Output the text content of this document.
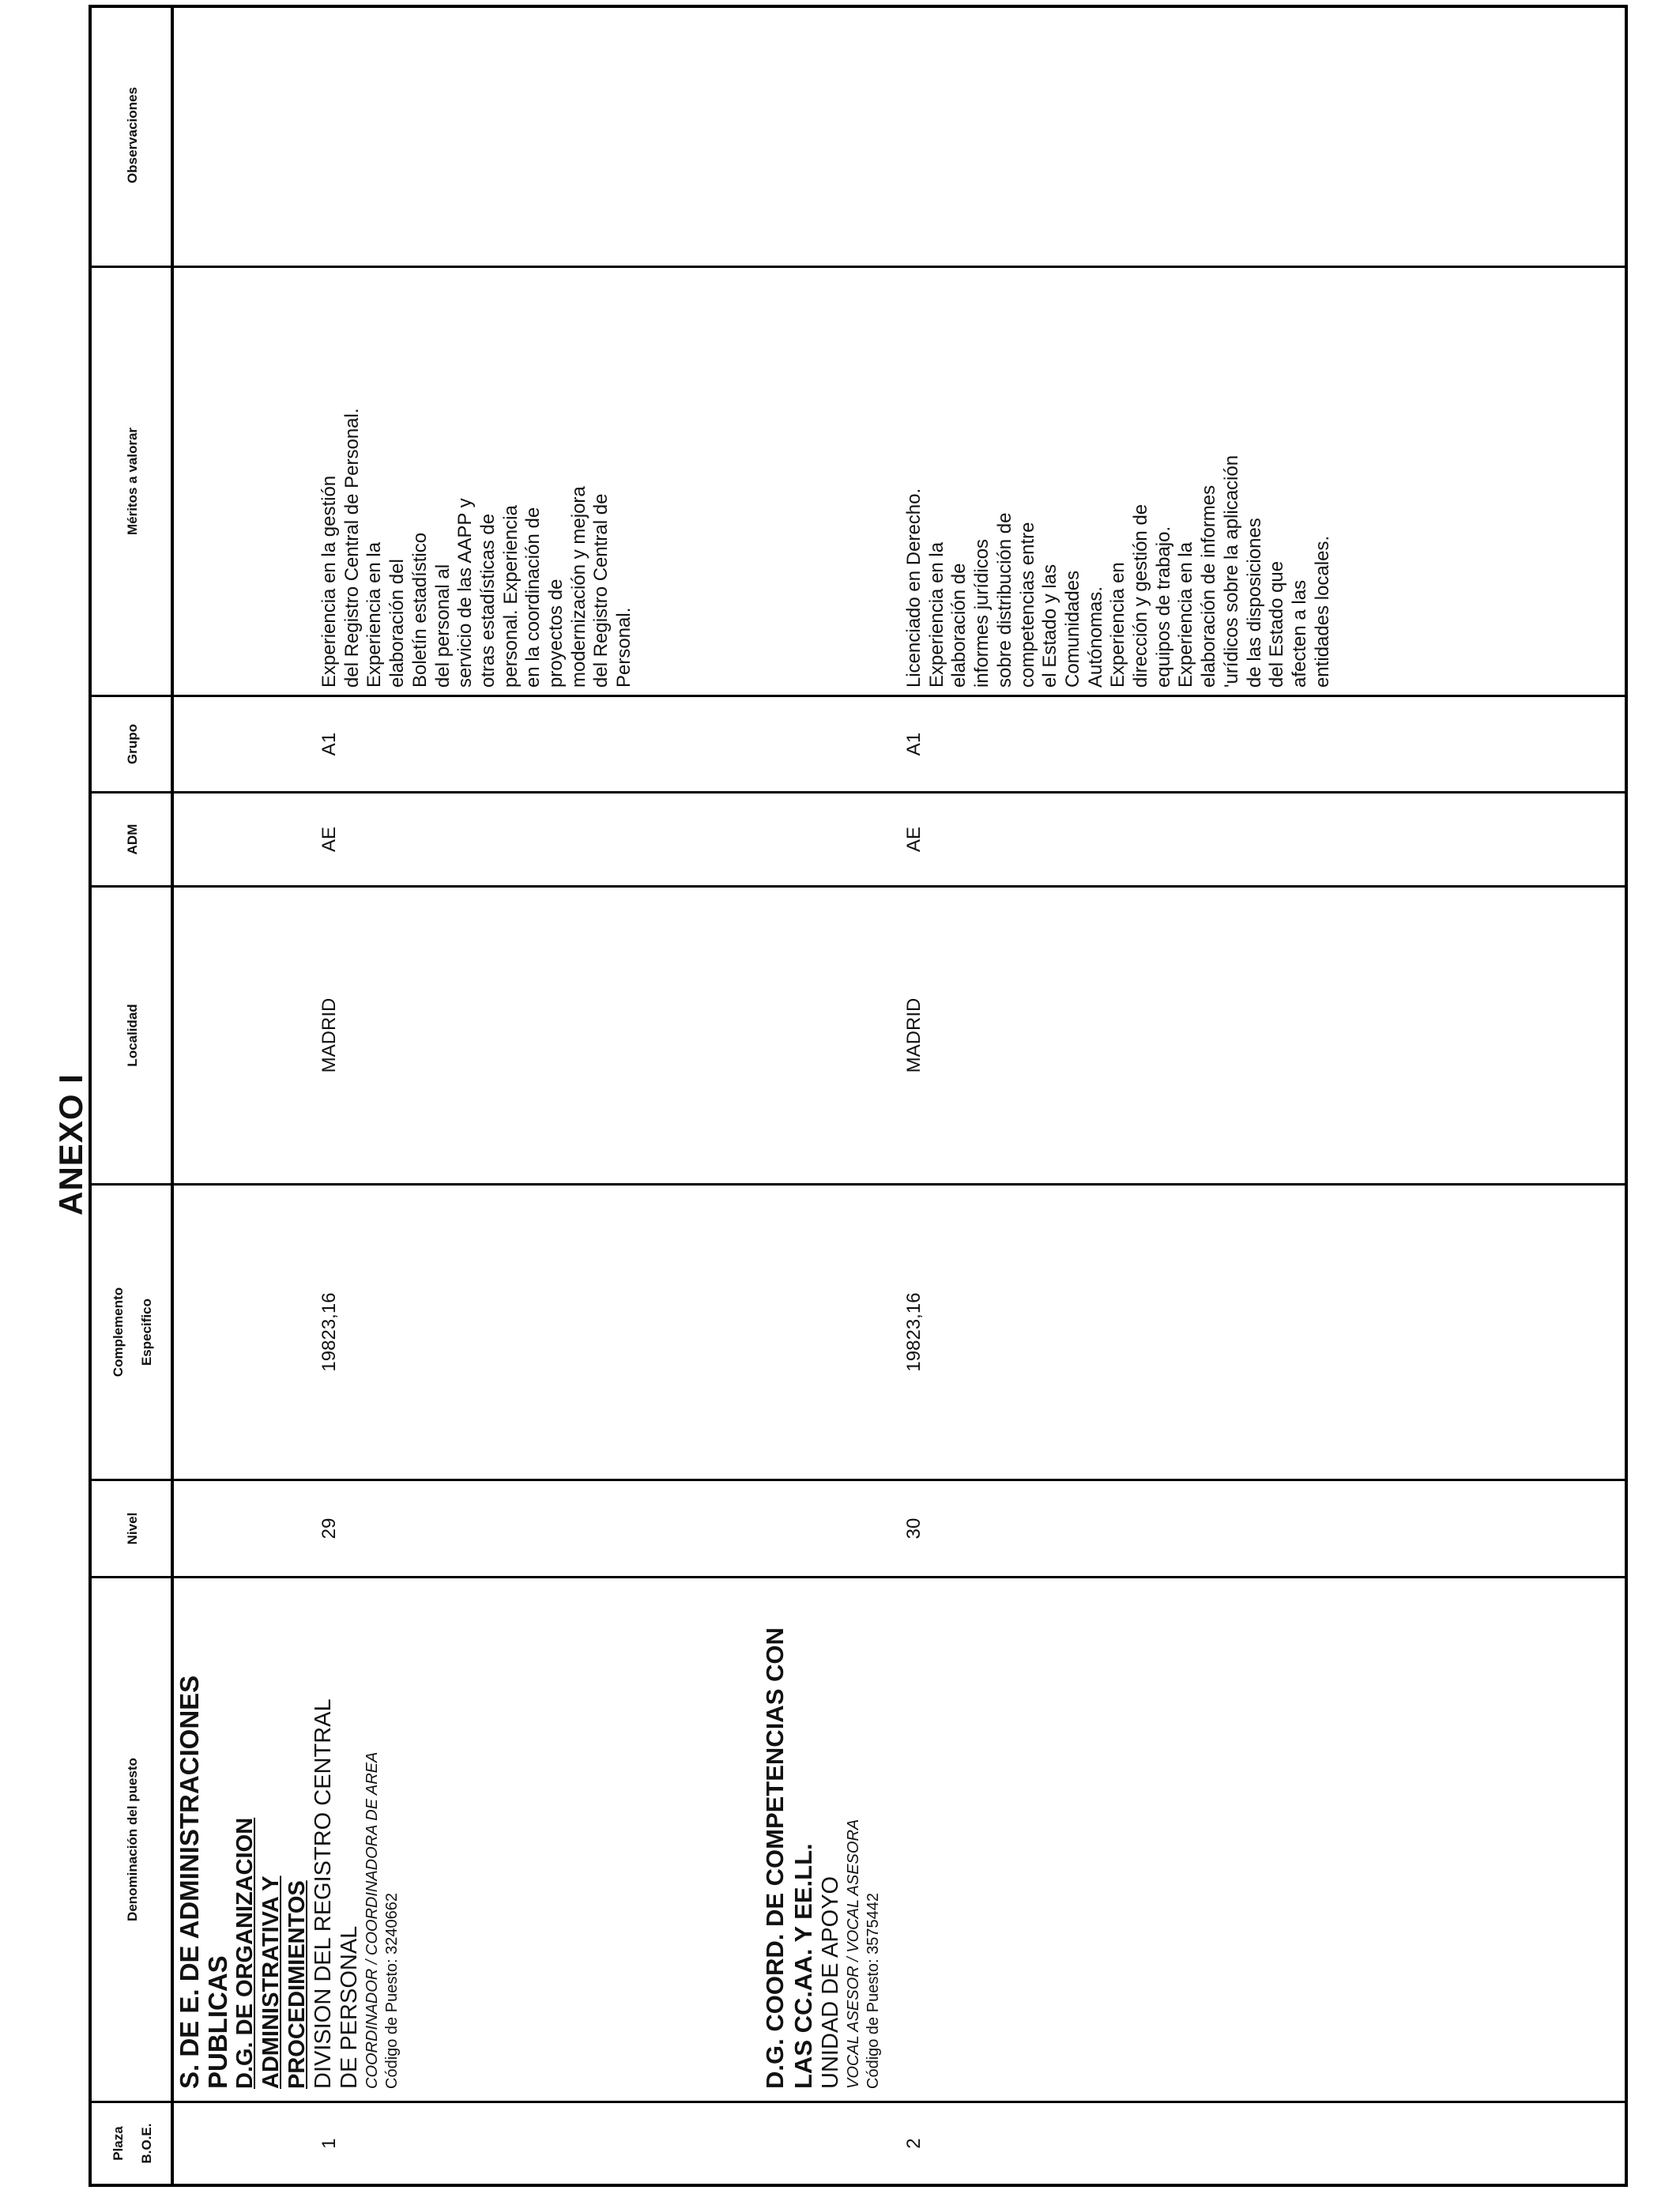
ANEXO I
Plaza	B.O.E.
Denominación del puesto
Nivel
Complemento	Especifico
Localidad
ADM
Grupo
Méritos a valorar
Observaciones
1
S. DE E. DE ADMINISTRACIONES PUBLICAS D.G. DE ORGANIZACION ADMINISTRATIVA Y PROCEDIMIENTOS DIVISION DEL REGISTRO CENTRAL DE PERSONAL COORDINADOR / COORDINADORA DE AREA Código de Puesto: 3240662
29
19823,16
MADRID
AE
A1
Experiencia en la gestión
del Registro Central de Personal.
Experiencia en la
elaboración del
Boletín estadístico
del personal al
servicio de las AAPP y
otras estadísticas de
personal. Experiencia
en la coordinación de
proyectos de
modernización y mejora
del Registro Central de
Personal.
2
D.G. COORD. DE COMPETENCIAS CON LAS CC.AA. Y EE.LL. UNIDAD DE APOYO VOCAL ASESOR / VOCAL ASESORA Código de Puesto: 3575442
30
19823,16
MADRID
AE
A1
Licenciado en Derecho.
Experiencia en la
elaboración de
informes jurídicos
sobre distribución de
competencias entre
el Estado y las
Comunidades
Autónomas.
Experiencia en
dirección y gestión de
equipos de trabajo.
Experiencia en la
elaboración de informes
'urídicos sobre la aplicación
de las disposiciones
del Estado que
afecten a las
entidades locales.
